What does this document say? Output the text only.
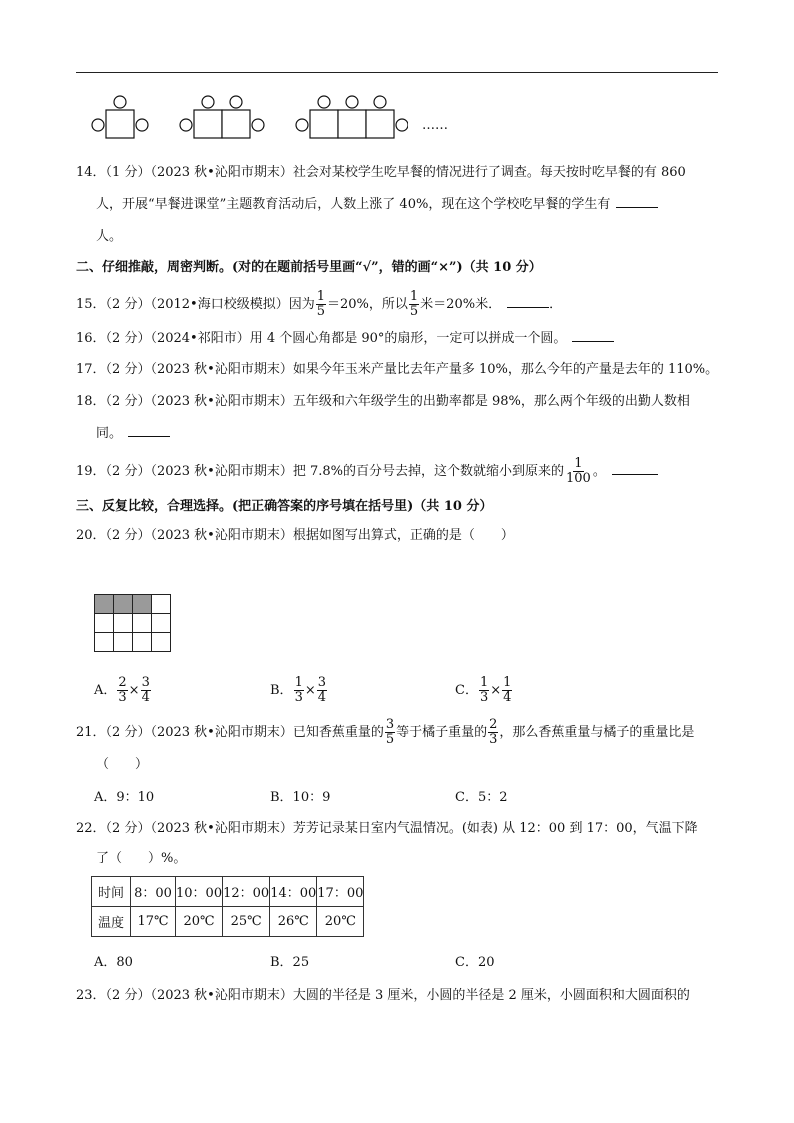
……
14．（1 分）（2023 秋•沁阳市期末）社会对某校学生吃早餐的情况进行了调查。每天按时吃早餐的有 860
人，开展“早餐进课堂”主题教育活动后，人数上涨了 40%，现在这个学校吃早餐的学生有
人。
二、仔细推敲，周密判断。(对的在题前括号里画“√”，错的画“×”)（共 10 分）
15．（2 分）（2012•海口校级模拟）因为 $\frac{1}{5} =20\%$，所以 $\frac{1}{5}$ 米＝20%米．	．
16．（2 分）（2024•祁阳市）用 4 个圆心角都是 90°的扇形，一定可以拼成一个圆。
17．（2 分）（2023 秋•沁阳市期末）如果今年玉米产量比去年产量多 10%，那么今年的产量是去年的 110%。
18．（2 分）（2023 秋•沁阳市期末）五年级和六年级学生的出勤率都是 98%，那么两个年级的出勤人数相
同。
19．（2 分）（2023 秋•沁阳市期末）把 7.8%的百分号去掉，这个数就缩小到原来的 $\frac{1}{100}$ 。
三、反复比较，合理选择。(把正确答案的序号填在括号里)（共 10 分）
20．（2 分）（2023 秋•沁阳市期末）根据如图写出算式，正确的是（　　）

A． $\frac{2}{3} \times \frac{3}{4}$	B． $\frac{1}{3} \times \frac{3}{4}$	C． $\frac{1}{3} \times \frac{1}{4}$
21．（2 分）（2023 秋•沁阳市期末）已知香蕉重量的 $\frac{3}{5}$ 等于橘子重量的 $\frac{2}{3}$ ，那么香蕉重量与橘子的重量比是
（　　）
A．9：10	B．10：9	C．5：2
22．（2 分）（2023 秋•沁阳市期末）芳芳记录某日室内气温情况。(如表) 从 12：00 到 17：00，气温下降
了（　　）%。
时间	8：00	10：00	12：00	14：00	17：00
温度	17℃	20℃	25℃	26℃	20℃
A．80	B．25	C．20
23．（2 分）（2023 秋•沁阳市期末）大圆的半径是 3 厘米，小圆的半径是 2 厘米，小圆面积和大圆面积的
